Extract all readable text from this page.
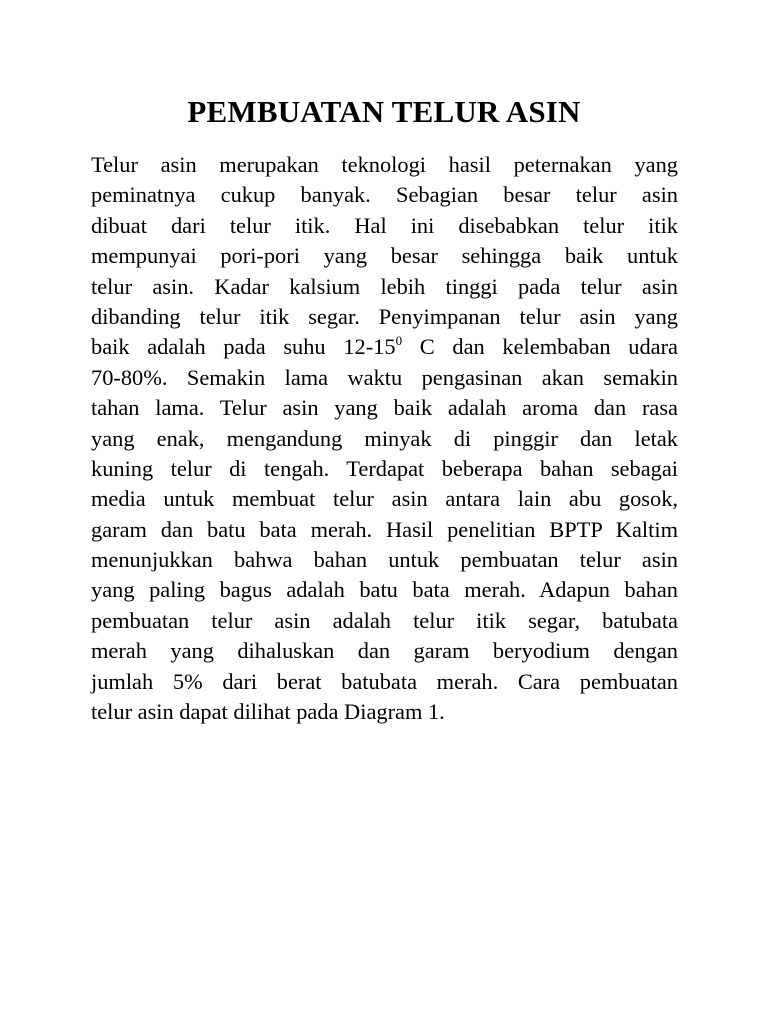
PEMBUATAN TELUR ASIN
Telur asin merupakan teknologi hasil peternakan yang
peminatnya cukup banyak. Sebagian besar telur asin
dibuat dari telur itik. Hal ini disebabkan telur itik
mempunyai pori-pori yang besar sehingga baik untuk
telur asin. Kadar kalsium lebih tinggi pada telur asin
dibanding telur itik segar. Penyimpanan telur asin yang
baik adalah pada suhu $12-15^0$ C dan kelembaban udara
70-80%. Semakin lama waktu pengasinan akan semakin
tahan lama. Telur asin yang baik adalah aroma dan rasa
yang enak, mengandung minyak di pinggir dan letak
kuning telur di tengah. Terdapat beberapa bahan sebagai
media untuk membuat telur asin antara lain abu gosok,
garam dan batu bata merah. Hasil penelitian BPTP Kaltim
menunjukkan bahwa bahan untuk pembuatan telur asin
yang paling bagus adalah batu bata merah. Adapun bahan
pembuatan telur asin adalah telur itik segar, batubata
merah yang dihaluskan dan garam beryodium dengan
jumlah 5% dari berat batubata merah. Cara pembuatan
telur asin dapat dilihat pada Diagram 1.
